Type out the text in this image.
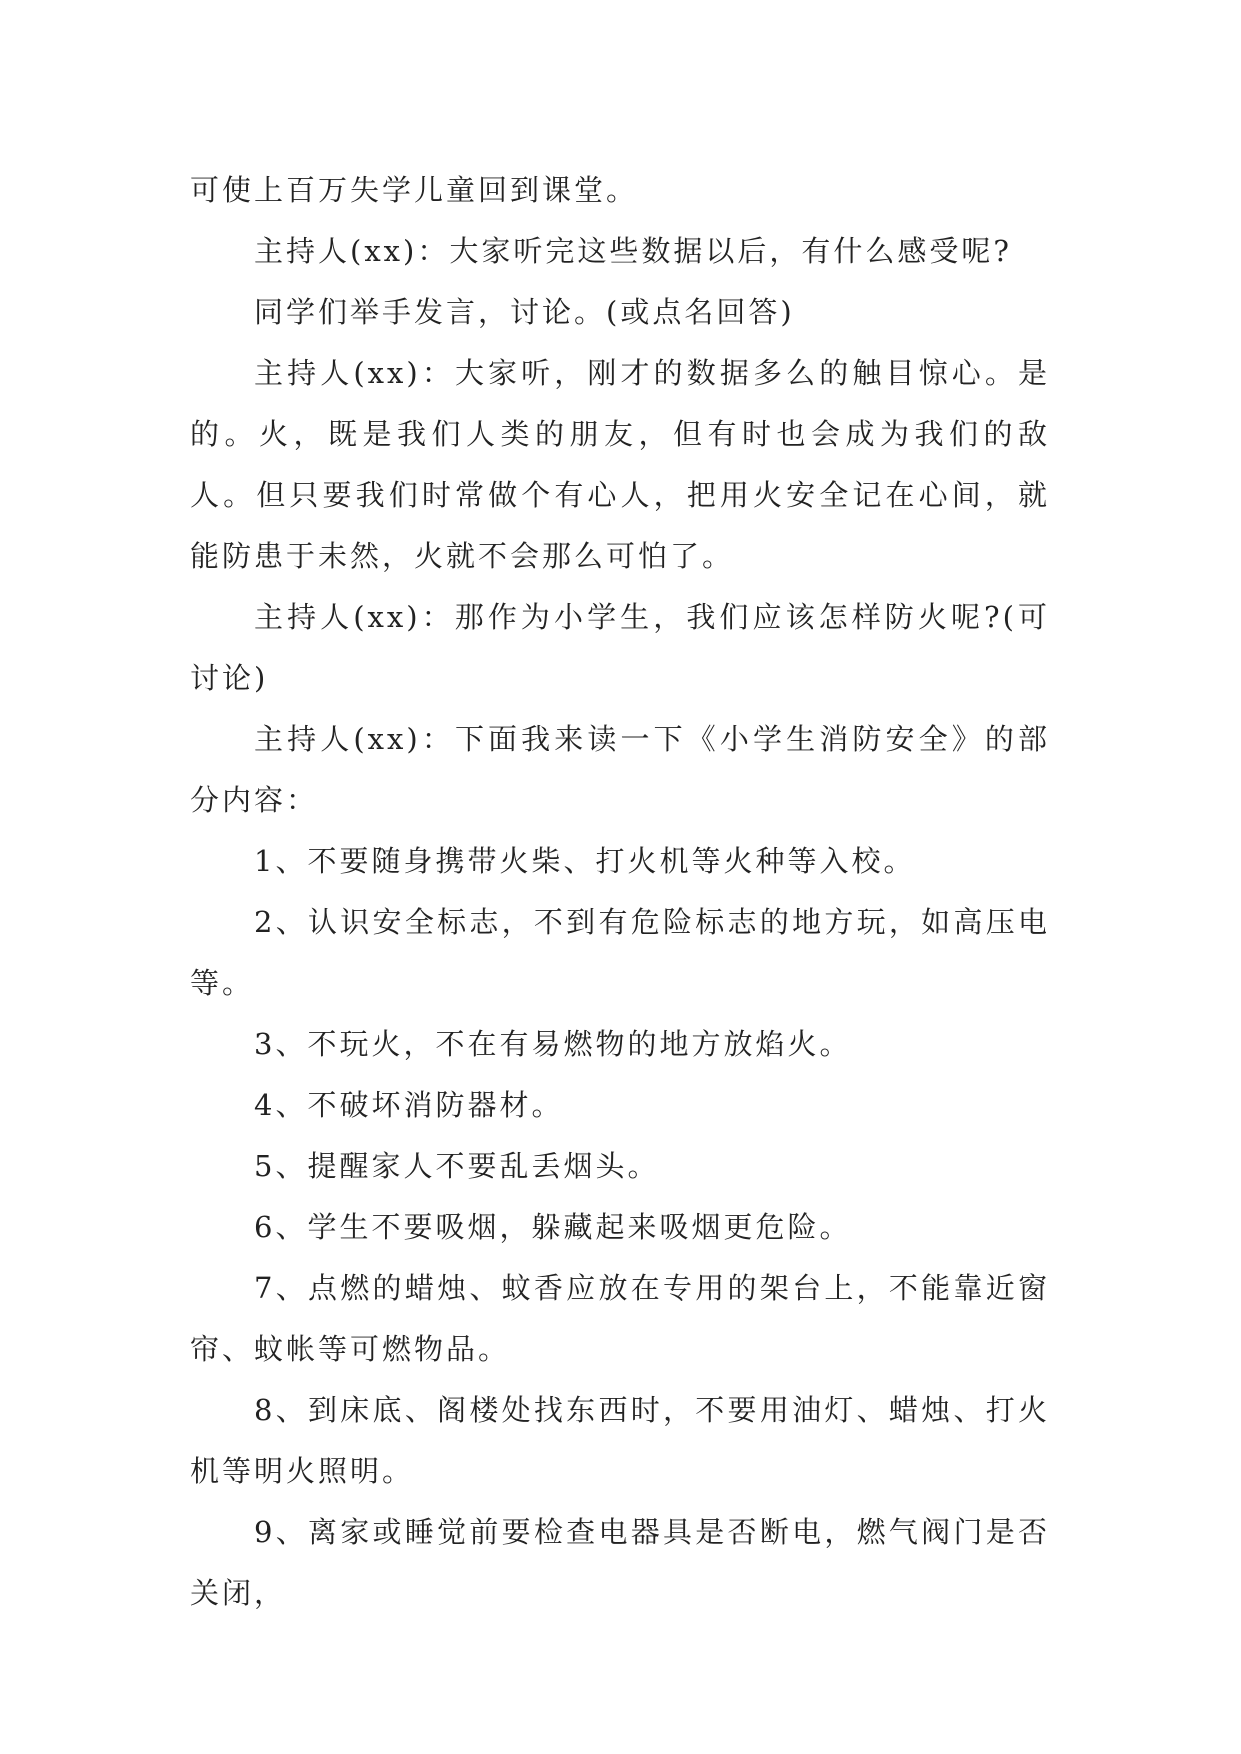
可使上百万失学儿童回到课堂。

主持人(xx)：大家听完这些数据以后，有什么感受呢?

同学们举手发言，讨论。(或点名回答)

主持人(xx)：大家听，刚才的数据多么的触目惊心。是的。火，既是我们人类的朋友，但有时也会成为我们的敌人。但只要我们时常做个有心人，把用火安全记在心间，就能防患于未然，火就不会那么可怕了。

主持人(xx)：那作为小学生，我们应该怎样防火呢?(可讨论)

主持人(xx)：下面我来读一下《小学生消防安全》的部分内容：

1、不要随身携带火柴、打火机等火种等入校。

2、认识安全标志，不到有危险标志的地方玩，如高压电等。

3、不玩火，不在有易燃物的地方放焰火。

4、不破坏消防器材。

5、提醒家人不要乱丢烟头。

6、学生不要吸烟，躲藏起来吸烟更危险。

7、点燃的蜡烛、蚊香应放在专用的架台上，不能靠近窗帘、蚊帐等可燃物品。

8、到床底、阁楼处找东西时，不要用油灯、蜡烛、打火机等明火照明。

9、离家或睡觉前要检查电器具是否断电，燃气阀门是否关闭，
